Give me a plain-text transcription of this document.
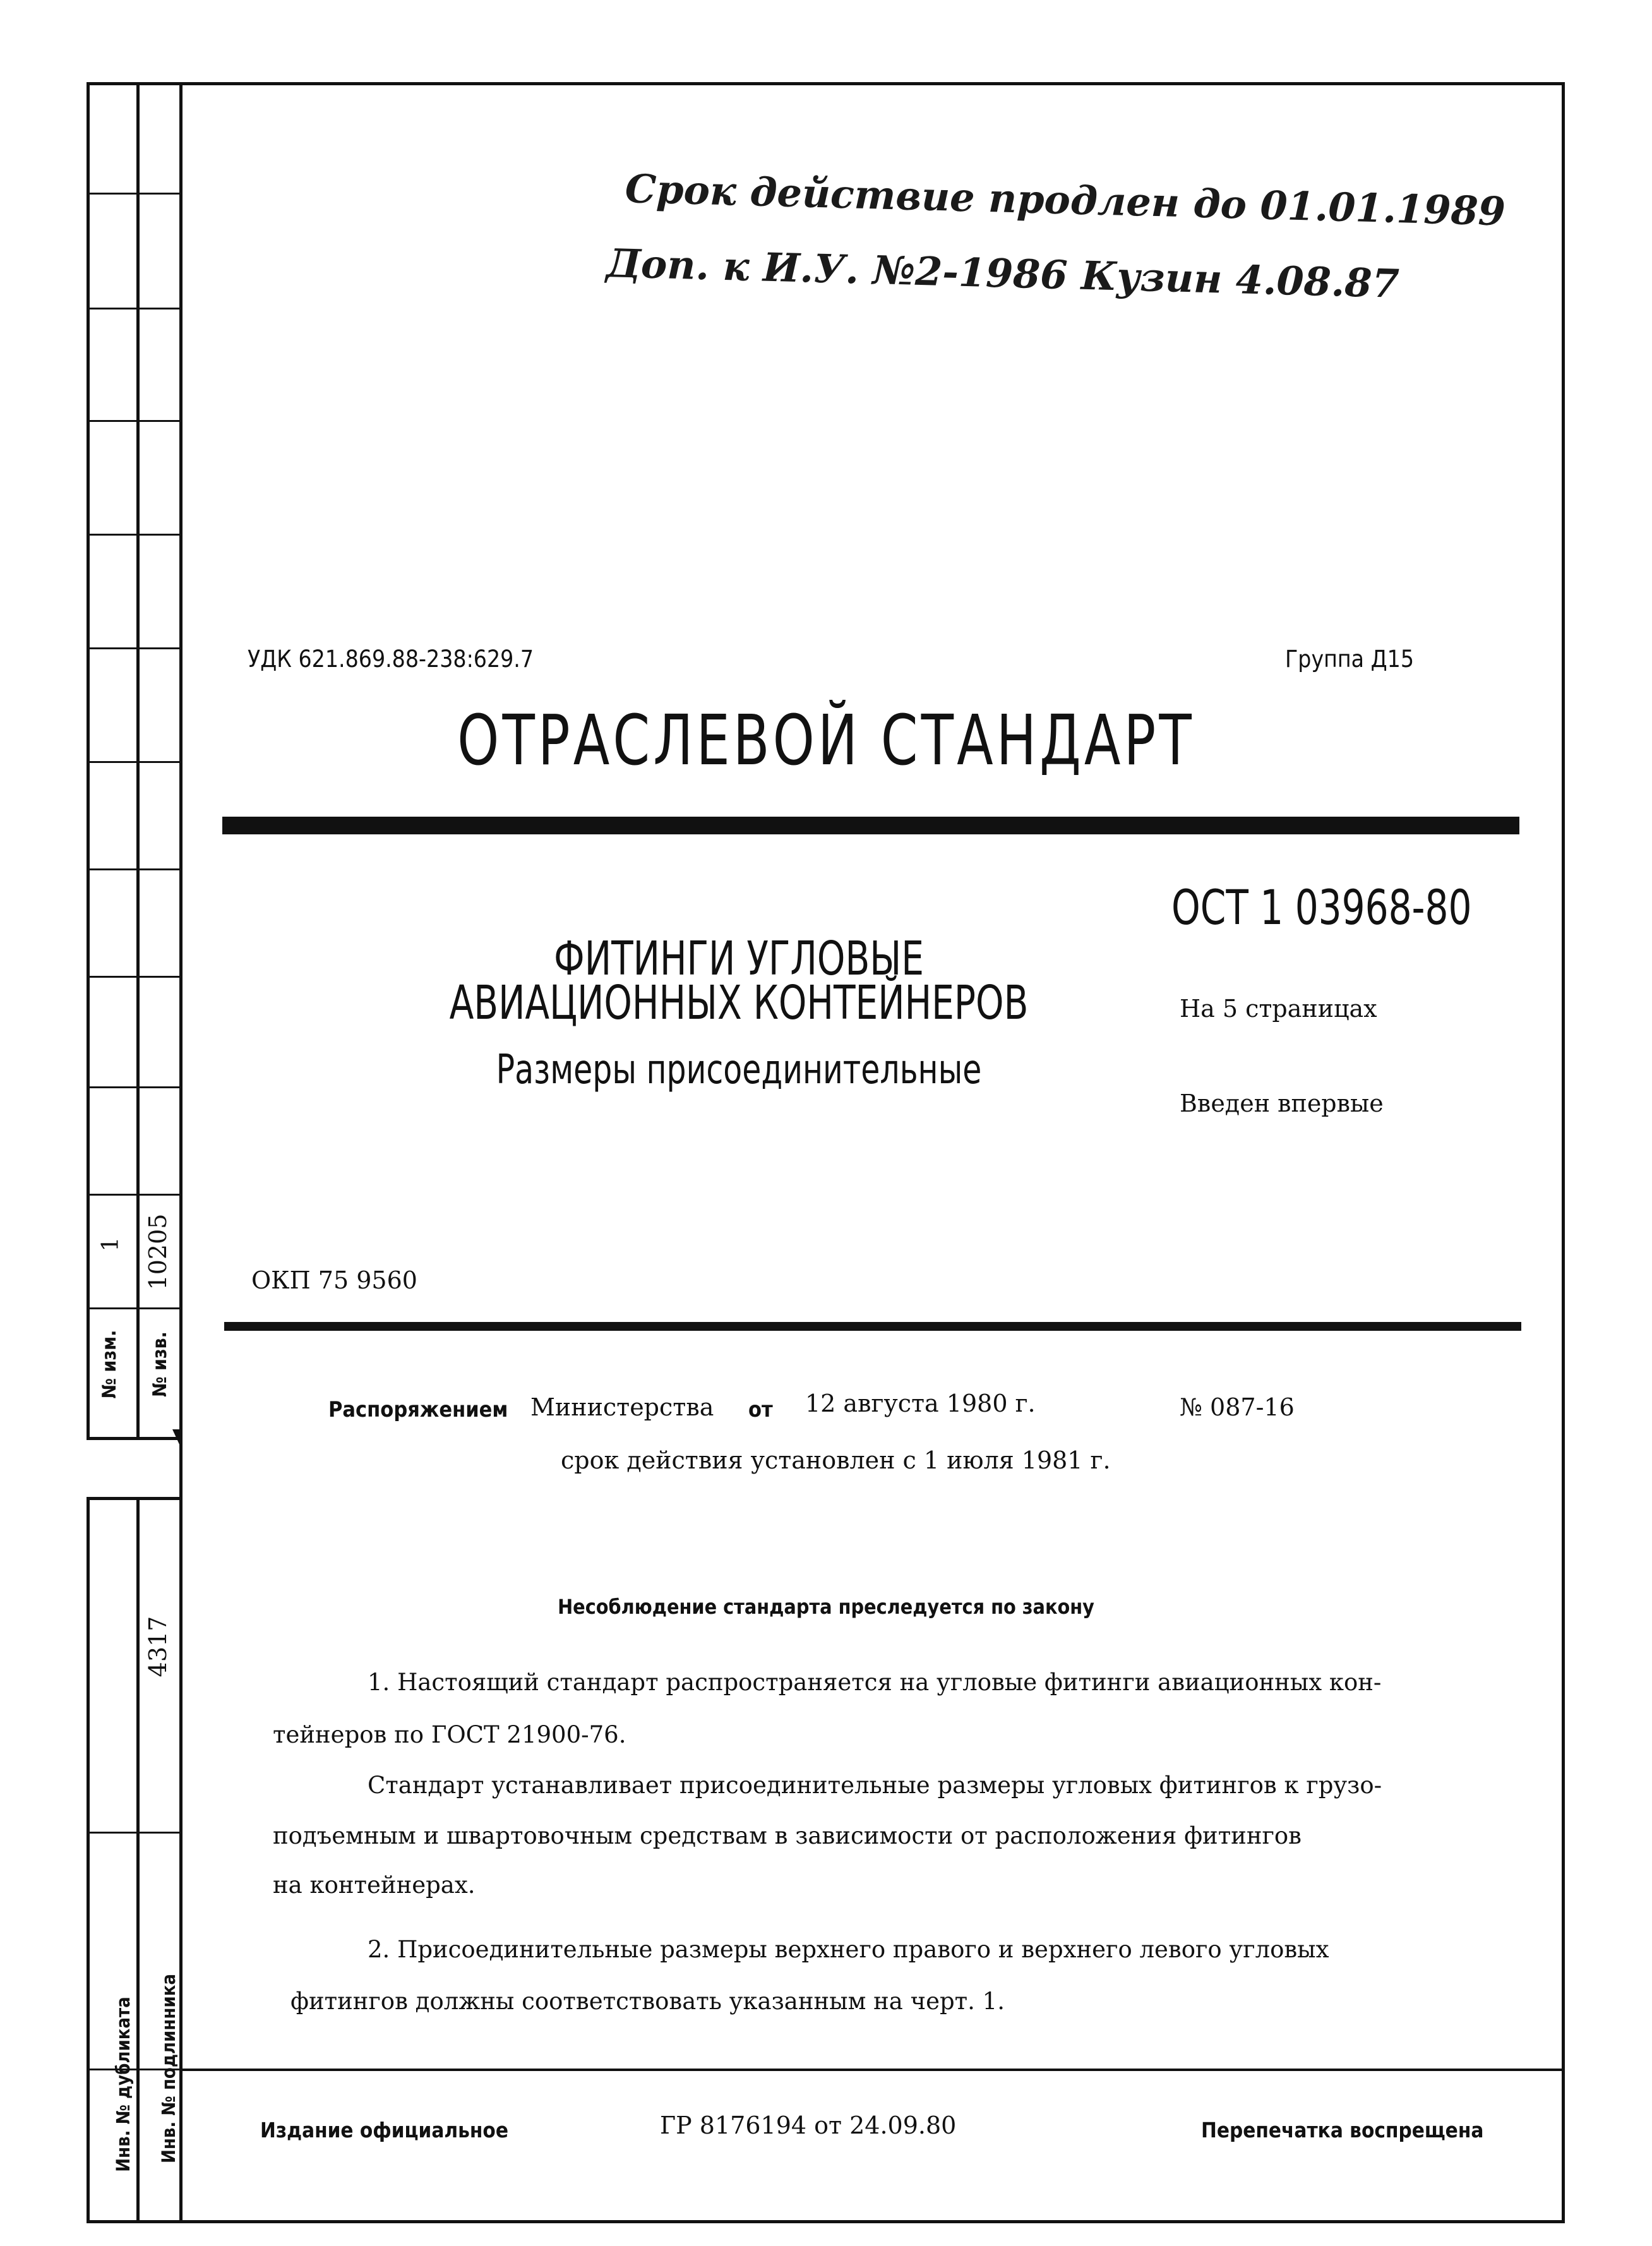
№ изм. № изв.
1 10205
4317
Инв. № дубликата Инв. № подлинника
Срок действие продлен до 01.01.1989
Доп. к И.У. №2-1986 Кузин 4.08.87
УДК 621.869.88-238:629.7	Группа Д15
ОТРАСЛЕВОЙ СТАНДАРТ
ОСТ 1 03968-80
ФИТИНГИ УГЛОВЫЕ
АВИАЦИОННЫХ КОНТЕЙНЕРОВ
Размеры присоединительные
На 5 страницах
Введен впервые
ОКП 75 9560
Распоряжением Министерства от 12 августа 1980 г.	№ 087-16
срок действия установлен с 1 июля 1981 г.
Несоблюдение стандарта преследуется по закону
1. Настоящий стандарт распространяется на угловые фитинги авиационных кон-
тейнеров по ГОСТ 21900-76.
Стандарт устанавливает присоединительные размеры угловых фитингов к грузо-
подъемным и швартовочным средствам в зависимости от расположения фитингов
на контейнерах.
2. Присоединительные размеры верхнего правого и верхнего левого угловых
фитингов должны соответствовать указанным на черт. 1.
Издание официальное	ГР 8176194 от 24.09.80	Перепечатка воспрещена
